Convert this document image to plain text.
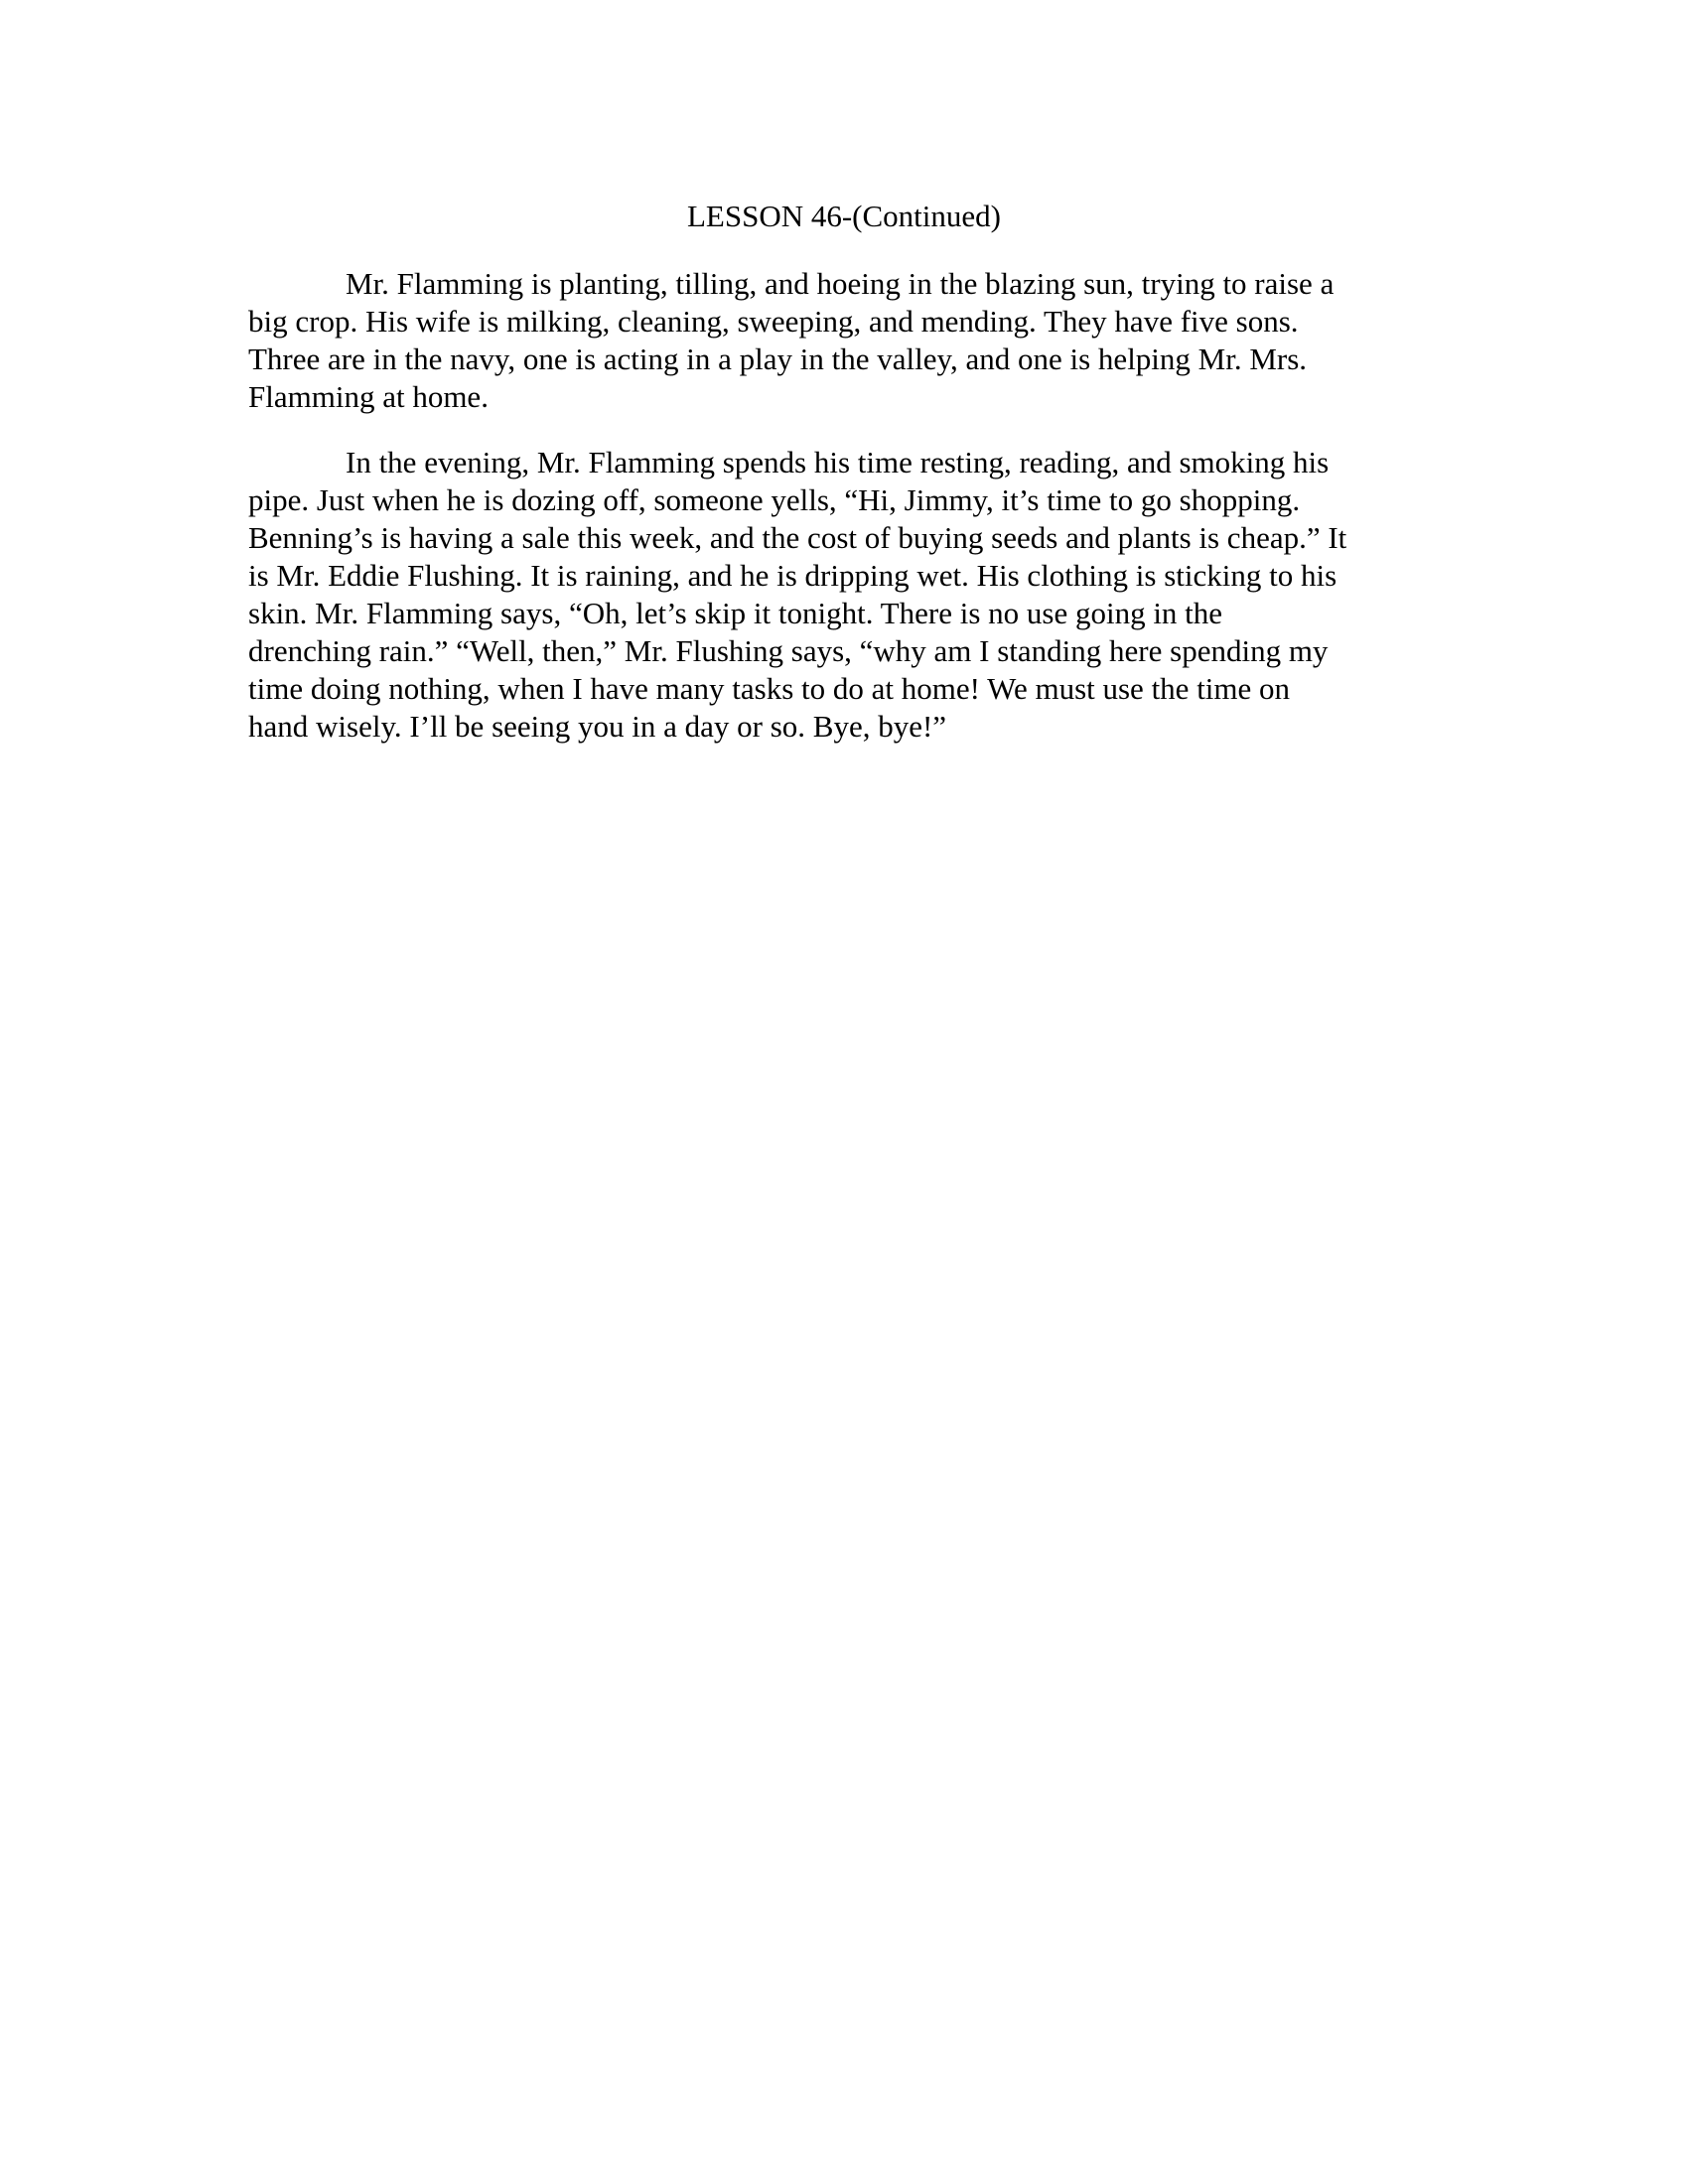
LESSON 46-(Continued)
Mr. Flamming is planting, tilling, and hoeing in the blazing sun, trying to raise a
big crop. His wife is milking, cleaning, sweeping, and mending. They have five sons.
Three are in the navy, one is acting in a play in the valley, and one is helping Mr. Mrs.
Flamming at home.
In the evening, Mr. Flamming spends his time resting, reading, and smoking his
pipe. Just when he is dozing off, someone yells, “Hi, Jimmy, it’s time to go shopping.
Benning’s is having a sale this week, and the cost of buying seeds and plants is cheap.” It
is Mr. Eddie Flushing. It is raining, and he is dripping wet. His clothing is sticking to his
skin. Mr. Flamming says, “Oh, let’s skip it tonight. There is no use going in the
drenching rain.” “Well, then,” Mr. Flushing says, “why am I standing here spending my
time doing nothing, when I have many tasks to do at home! We must use the time on
hand wisely. I’ll be seeing you in a day or so. Bye, bye!”
